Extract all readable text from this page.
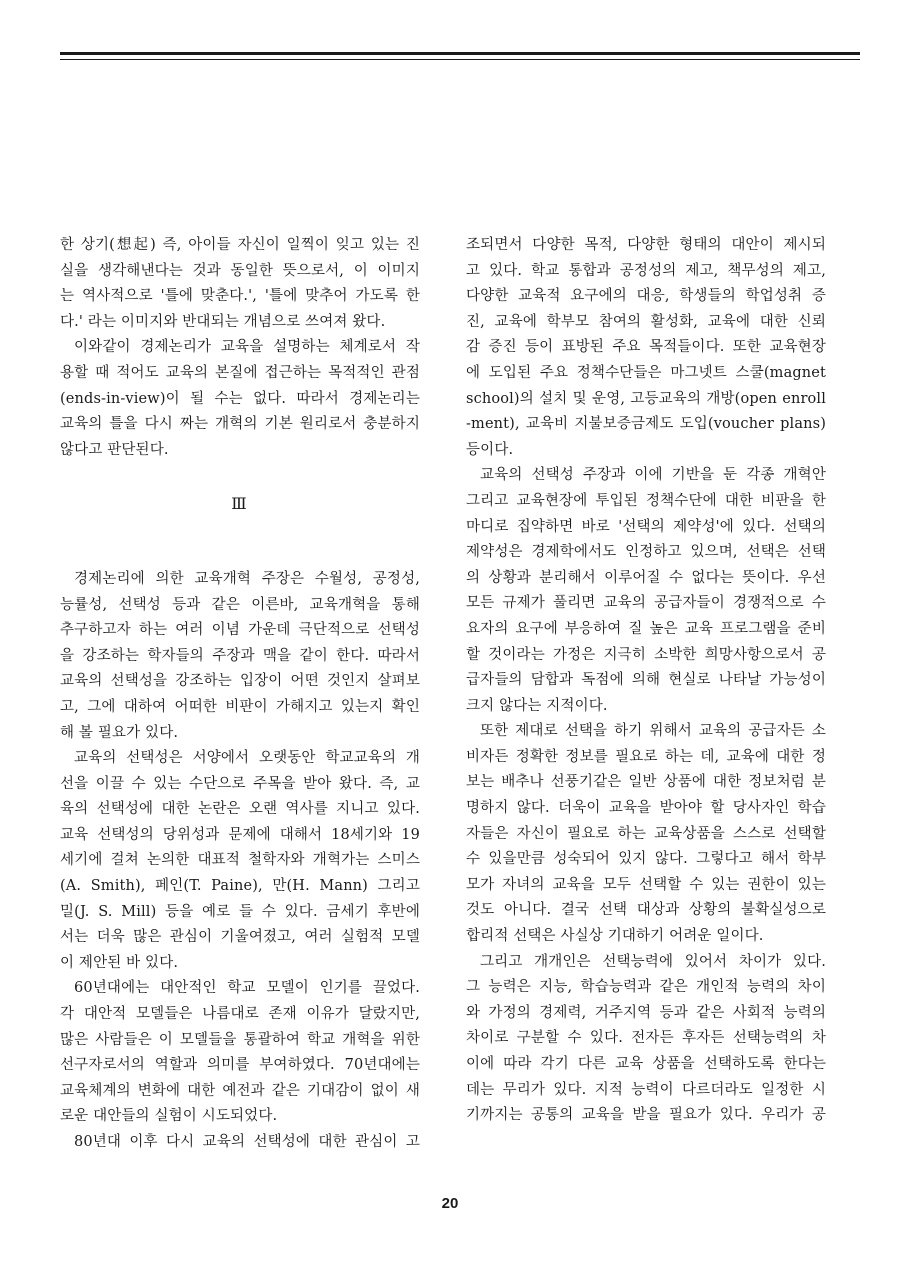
한 상기(想起) 즉, 아이들 자신이 일찍이 잊고 있는 진
실을 생각해낸다는 것과 동일한 뜻으로서, 이 이미지
는 역사적으로 '틀에 맞춘다.', '틀에 맞추어 가도록 한
다.' 라는 이미지와 반대되는 개념으로 쓰여져 왔다.
이와같이 경제논리가 교육을 설명하는 체계로서 작
용할 때 적어도 교육의 본질에 접근하는 목적적인 관점
(ends-in-view)이 될 수는 없다. 따라서 경제논리는
교육의 틀을 다시 짜는 개혁의 기본 원리로서 충분하지
않다고 판단된다.
Ⅲ
경제논리에 의한 교육개혁 주장은 수월성, 공정성,
능률성, 선택성 등과 같은 이른바, 교육개혁을 통해
추구하고자 하는 여러 이념 가운데 극단적으로 선택성
을 강조하는 학자들의 주장과 맥을 같이 한다. 따라서
교육의 선택성을 강조하는 입장이 어떤 것인지 살펴보
고, 그에 대하여 어떠한 비판이 가해지고 있는지 확인
해 볼 필요가 있다.
교육의 선택성은 서양에서 오랫동안 학교교육의 개
선을 이끌 수 있는 수단으로 주목을 받아 왔다. 즉, 교
육의 선택성에 대한 논란은 오랜 역사를 지니고 있다.
교육 선택성의 당위성과 문제에 대해서 18세기와 19
세기에 걸쳐 논의한 대표적 철학자와 개혁가는 스미스
(A. Smith), 페인(T. Paine), 만(H. Mann) 그리고
밀(J. S. Mill) 등을 예로 들 수 있다. 금세기 후반에
서는 더욱 많은 관심이 기울여졌고, 여러 실험적 모델
이 제안된 바 있다.
60년대에는 대안적인 학교 모델이 인기를 끌었다.
각 대안적 모델들은 나름대로 존재 이유가 달랐지만,
많은 사람들은 이 모델들을 통괄하여 학교 개혁을 위한
선구자로서의 역할과 의미를 부여하였다. 70년대에는
교육체계의 변화에 대한 예전과 같은 기대감이 없이 새
로운 대안들의 실험이 시도되었다.
80년대 이후 다시 교육의 선택성에 대한 관심이 고
조되면서 다양한 목적, 다양한 형태의 대안이 제시되
고 있다. 학교 통합과 공정성의 제고, 책무성의 제고,
다양한 교육적 요구에의 대응, 학생들의 학업성취 증
진, 교육에 학부모 참여의 활성화, 교육에 대한 신뢰
감 증진 등이 표방된 주요 목적들이다. 또한 교육현장
에 도입된 주요 정책수단들은 마그넷트 스쿨(magnet
school)의 설치 및 운영, 고등교육의 개방(open enroll
-ment), 교육비 지불보증금제도 도입(voucher plans)
등이다.
교육의 선택성 주장과 이에 기반을 둔 각종 개혁안
그리고 교육현장에 투입된 정책수단에 대한 비판을 한
마디로 집약하면 바로 '선택의 제약성'에 있다. 선택의
제약성은 경제학에서도 인정하고 있으며, 선택은 선택
의 상황과 분리해서 이루어질 수 없다는 뜻이다. 우선
모든 규제가 풀리면 교육의 공급자들이 경쟁적으로 수
요자의 요구에 부응하여 질 높은 교육 프로그램을 준비
할 것이라는 가정은 지극히 소박한 희망사항으로서 공
급자들의 담합과 독점에 의해 현실로 나타날 가능성이
크지 않다는 지적이다.
또한 제대로 선택을 하기 위해서 교육의 공급자든 소
비자든 정확한 정보를 필요로 하는 데, 교육에 대한 정
보는 배추나 선풍기같은 일반 상품에 대한 정보처럼 분
명하지 않다. 더욱이 교육을 받아야 할 당사자인 학습
자들은 자신이 필요로 하는 교육상품을 스스로 선택할
수 있을만큼 성숙되어 있지 않다. 그렇다고 해서 학부
모가 자녀의 교육을 모두 선택할 수 있는 권한이 있는
것도 아니다. 결국 선택 대상과 상황의 불확실성으로
합리적 선택은 사실상 기대하기 어려운 일이다.
그리고 개개인은 선택능력에 있어서 차이가 있다.
그 능력은 지능, 학습능력과 같은 개인적 능력의 차이
와 가정의 경제력, 거주지역 등과 같은 사회적 능력의
차이로 구분할 수 있다. 전자든 후자든 선택능력의 차
이에 따라 각기 다른 교육 상품을 선택하도록 한다는
데는 무리가 있다. 지적 능력이 다르더라도 일정한 시
기까지는 공통의 교육을 받을 필요가 있다. 우리가 공
20
